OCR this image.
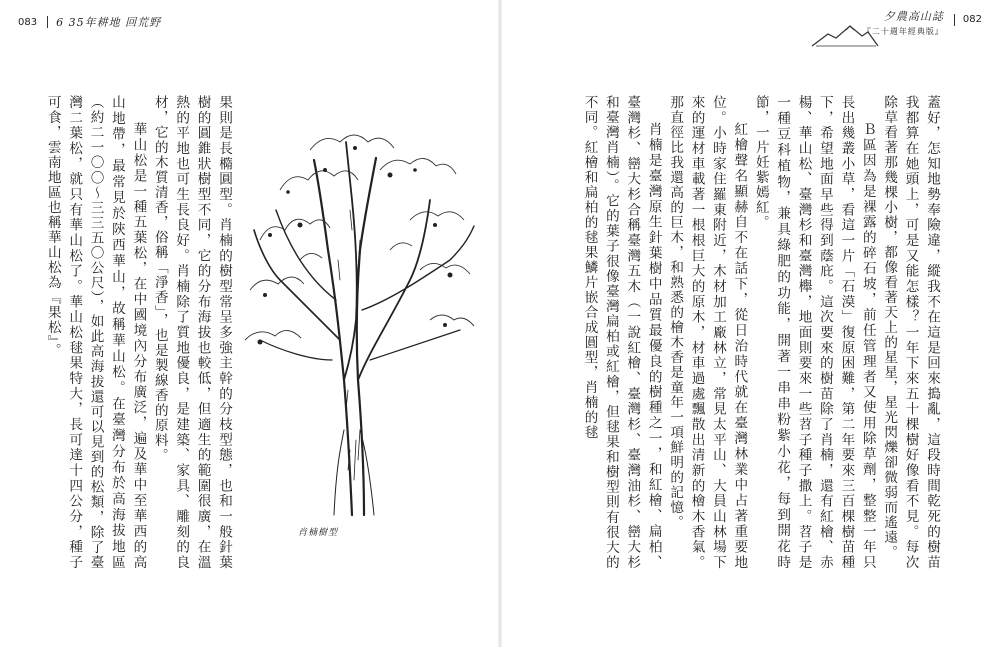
083 6 35年耕地 回荒野	夕農高山誌
『二十週年經典版』
082

蓋好，怎知地勢奉險違，縱我不在這是回來搗亂，這段時間乾死的樹苗我都算在她頭上，可是又能怎樣？一年下來五十棵樹好像看不見。每次除草看著那幾棵小樹，都像看著天上的星星，星光閃爍卻微弱而遙遠。

Ｂ區因為是裸露的碎石坡，前任管理者又使用除草劑，整整一年只長出幾叢小草，看這一片「石漠」復原困難，第二年要來三百棵樹苗種下，希望地面早些得到蔭庇。這次要來的樹苗除了肖楠，還有紅檜、赤楊、華山松、臺灣杉和臺灣櫸，地面則要來一些苕子種子撒上。苕子是一種豆科植物，兼具綠肥的功能，開著一串串粉紫小花，每到開花時節，一片妊紫嫣紅。

紅檜聲名顯赫自不在話下，從日治時代就在臺灣林業中占著重要地位。小時家住羅東附近，木材加工廠林立，常見太平山、大員山林場下來的運材車載著一根根巨大的原木，材車過處飄散出清新的檜木香氣。那直徑比我還高的巨木，和熟悉的檜木香是童年一項鮮明的記憶。

肖楠是臺灣原生針葉樹中品質最優良的樹種之一，和紅檜、扁柏、臺灣杉、巒大杉合稱臺灣五木（一說紅檜、臺灣杉、臺灣油杉、巒大杉和臺灣肖楠）。它的葉子很像臺灣扁柏或紅檜，但毬果和樹型則有很大的不同。紅檜和扁柏的毬果鱗片嵌合成圓型，肖楠的毬

果則是長橢圓型。肖楠的樹型常呈多強主幹的分枝型態，也和一般針葉樹的圓錐狀樹型不同，它的分布海拔也較低，但適生的範圍很廣，在溫熱的平地也可生長良好。肖楠除了質地優良，是建築、家具、雕刻的良材，它的木質清香，俗稱「淨香」，也是製線香的原料。

華山松是一種五葉松，在中國境內分布廣泛，遍及華中至華西的高山地帶，最常見於陝西華山，故稱華山松。在臺灣分布於高海拔地區（約二一〇〇～三三五〇公尺），如此高海拔還可以見到的松類，除了臺灣二葉松，就只有華山松了。華山松毬果特大，長可達十四公分，種子可食，雲南地區也稱華山松為『果松』。

肖楠樹型
